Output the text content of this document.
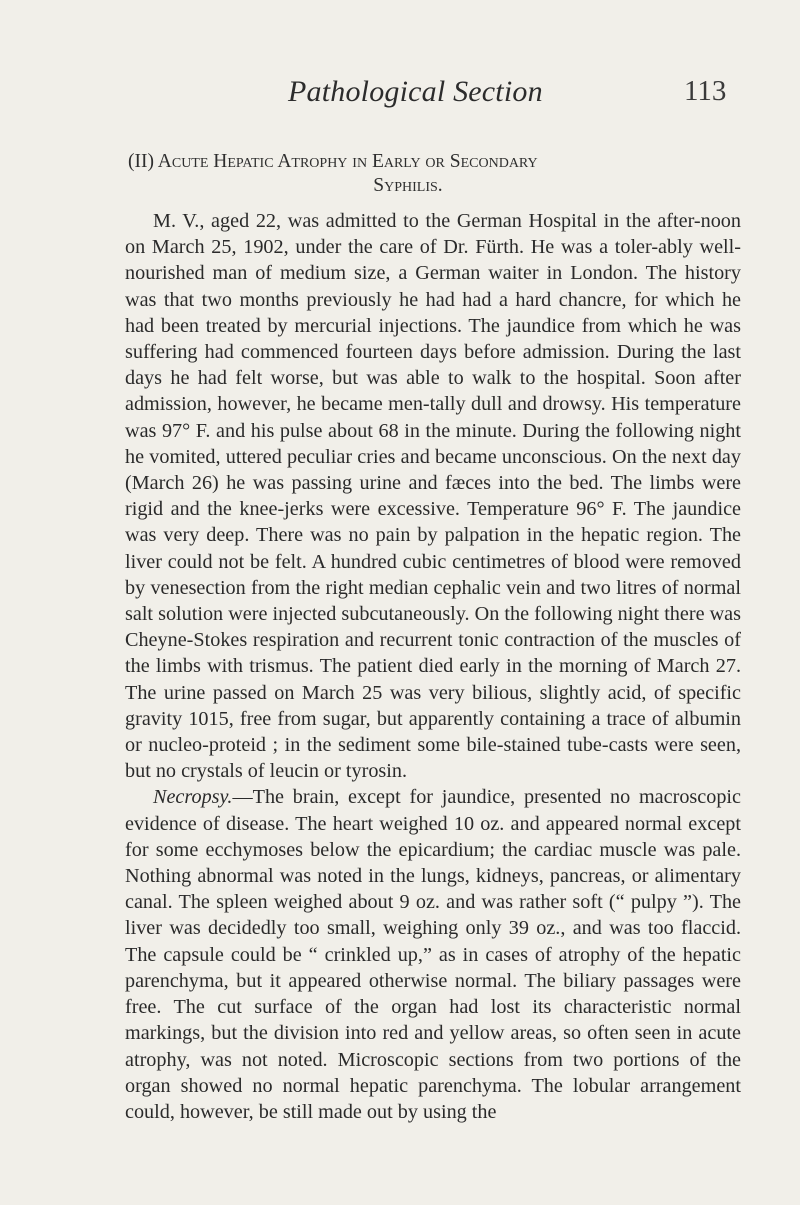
Pathological Section	113
(II) Acute Hepatic Atrophy in Early or Secondary
Syphilis.

M. V., aged 22, was admitted to the German Hospital in the after-noon on March 25, 1902, under the care of Dr. Fürth. He was a toler-ably well-nourished man of medium size, a German waiter in London. The history was that two months previously he had had a hard chancre, for which he had been treated by mercurial injections. The jaundice from which he was suffering had commenced fourteen days before admission. During the last days he had felt worse, but was able to walk to the hospital. Soon after admission, however, he became men-tally dull and drowsy. His temperature was 97° F. and his pulse about 68 in the minute. During the following night he vomited, uttered peculiar cries and became unconscious. On the next day (March 26) he was passing urine and fæces into the bed. The limbs were rigid and the knee-jerks were excessive. Temperature 96° F. The jaundice was very deep. There was no pain by palpation in the hepatic region. The liver could not be felt. A hundred cubic centimetres of blood were removed by venesection from the right median cephalic vein and two litres of normal salt solution were injected subcutaneously. On the following night there was Cheyne-Stokes respiration and recurrent tonic contraction of the muscles of the limbs with trismus. The patient died early in the morning of March 27. The urine passed on March 25 was very bilious, slightly acid, of specific gravity 1015, free from sugar, but apparently containing a trace of albumin or nucleo-proteid ; in the sediment some bile-stained tube-casts were seen, but no crystals of leucin or tyrosin.

Necropsy.—The brain, except for jaundice, presented no macroscopic evidence of disease. The heart weighed 10 oz. and appeared normal except for some ecchymoses below the epicardium; the cardiac muscle was pale. Nothing abnormal was noted in the lungs, kidneys, pancreas, or alimentary canal. The spleen weighed about 9 oz. and was rather soft (“ pulpy ”). The liver was decidedly too small, weighing only 39 oz., and was too flaccid. The capsule could be “ crinkled up,” as in cases of atrophy of the hepatic parenchyma, but it appeared otherwise normal. The biliary passages were free. The cut surface of the organ had lost its characteristic normal markings, but the division into red and yellow areas, so often seen in acute atrophy, was not noted. Microscopic sections from two portions of the organ showed no normal hepatic parenchyma. The lobular arrangement could, however, be still made out by using the
